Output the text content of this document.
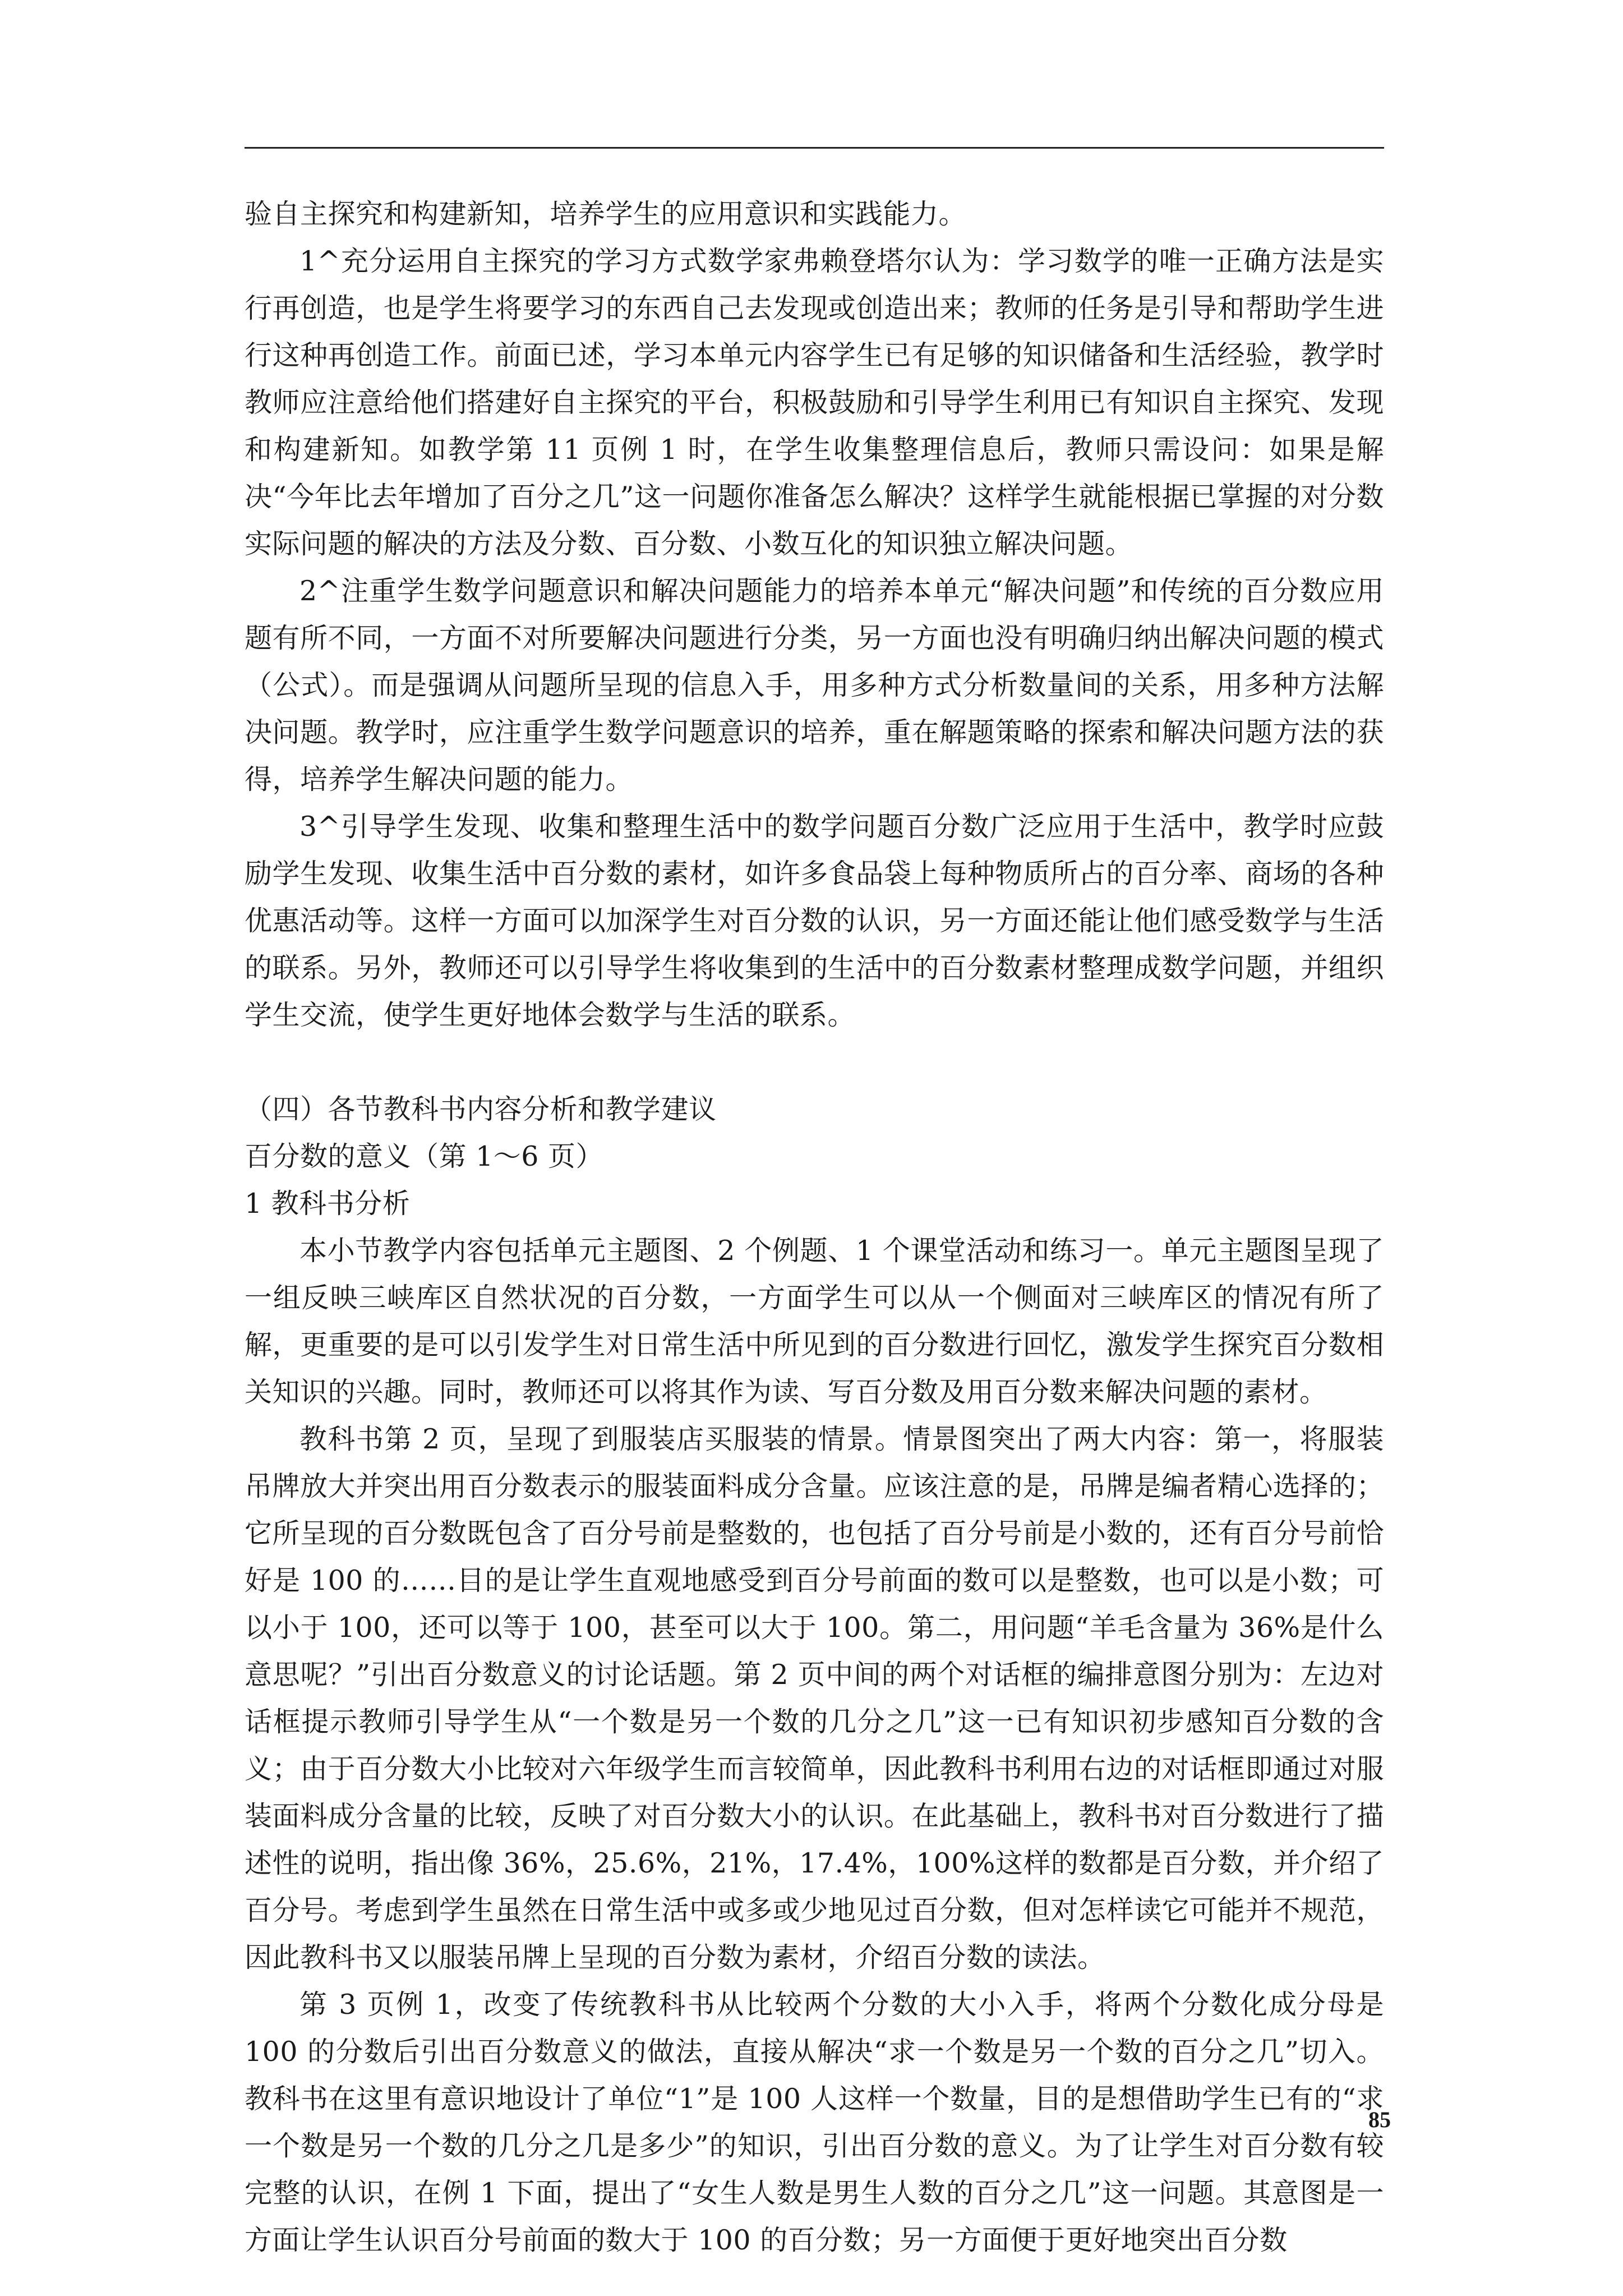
验自主探究和构建新知，培养学生的应用意识和实践能力。

1^充分运用自主探究的学习方式数学家弗赖登塔尔认为：学习数学的唯一正确方法是实行再创造，也是学生将要学习的东西自己去发现或创造出来；教师的任务是引导和帮助学生进行这种再创造工作。前面已述，学习本单元内容学生已有足够的知识储备和生活经验，教学时教师应注意给他们搭建好自主探究的平台，积极鼓励和引导学生利用已有知识自主探究、发现和构建新知。如教学第 11 页例 1 时，在学生收集整理信息后，教师只需设问：如果是解决“今年比去年增加了百分之几”这一问题你准备怎么解决？这样学生就能根据已掌握的对分数实际问题的解决的方法及分数、百分数、小数互化的知识独立解决问题。

2^注重学生数学问题意识和解决问题能力的培养本单元“解决问题”和传统的百分数应用题有所不同，一方面不对所要解决问题进行分类，另一方面也没有明确归纳出解决问题的模式（公式）。而是强调从问题所呈现的信息入手，用多种方式分析数量间的关系，用多种方法解决问题。教学时，应注重学生数学问题意识的培养，重在解题策略的探索和解决问题方法的获得，培养学生解决问题的能力。

3^引导学生发现、收集和整理生活中的数学问题百分数广泛应用于生活中，教学时应鼓励学生发现、收集生活中百分数的素材，如许多食品袋上每种物质所占的百分率、商场的各种优惠活动等。这样一方面可以加深学生对百分数的认识，另一方面还能让他们感受数学与生活的联系。另外，教师还可以引导学生将收集到的生活中的百分数素材整理成数学问题，并组织学生交流，使学生更好地体会数学与生活的联系。

（四）各节教科书内容分析和教学建议

百分数的意义（第 1～6 页）

1 教科书分析

本小节教学内容包括单元主题图、2 个例题、1 个课堂活动和练习一。单元主题图呈现了一组反映三峡库区自然状况的百分数，一方面学生可以从一个侧面对三峡库区的情况有所了解，更重要的是可以引发学生对日常生活中所见到的百分数进行回忆，激发学生探究百分数相关知识的兴趣。同时，教师还可以将其作为读、写百分数及用百分数来解决问题的素材。

教科书第 2 页，呈现了到服装店买服装的情景。情景图突出了两大内容：第一，将服装吊牌放大并突出用百分数表示的服装面料成分含量。应该注意的是，吊牌是编者精心选择的；它所呈现的百分数既包含了百分号前是整数的，也包括了百分号前是小数的，还有百分号前恰好是 100 的……目的是让学生直观地感受到百分号前面的数可以是整数，也可以是小数；可以小于 100，还可以等于 100，甚至可以大于 100。第二，用问题“羊毛含量为 36%是什么意思呢？”引出百分数意义的讨论话题。第 2 页中间的两个对话框的编排意图分别为：左边对话框提示教师引导学生从“一个数是另一个数的几分之几”这一已有知识初步感知百分数的含义；由于百分数大小比较对六年级学生而言较简单，因此教科书利用右边的对话框即通过对服装面料成分含量的比较，反映了对百分数大小的认识。在此基础上，教科书对百分数进行了描述性的说明，指出像 36%，25.6%，21%，17.4%，100%这样的数都是百分数，并介绍了百分号。考虑到学生虽然在日常生活中或多或少地见过百分数，但对怎样读它可能并不规范，因此教科书又以服装吊牌上呈现的百分数为素材，介绍百分数的读法。

第 3 页例 1，改变了传统教科书从比较两个分数的大小入手，将两个分数化成分母是 100 的分数后引出百分数意义的做法，直接从解决“求一个数是另一个数的百分之几”切入。教科书在这里有意识地设计了单位“1”是 100 人这样一个数量，目的是想借助学生已有的“求一个数是另一个数的几分之几是多少”的知识，引出百分数的意义。为了让学生对百分数有较完整的认识，在例 1 下面，提出了“女生人数是男生人数的百分之几”这一问题。其意图是一方面让学生认识百分号前面的数大于 100 的百分数；另一方面便于更好地突出百分数

85
